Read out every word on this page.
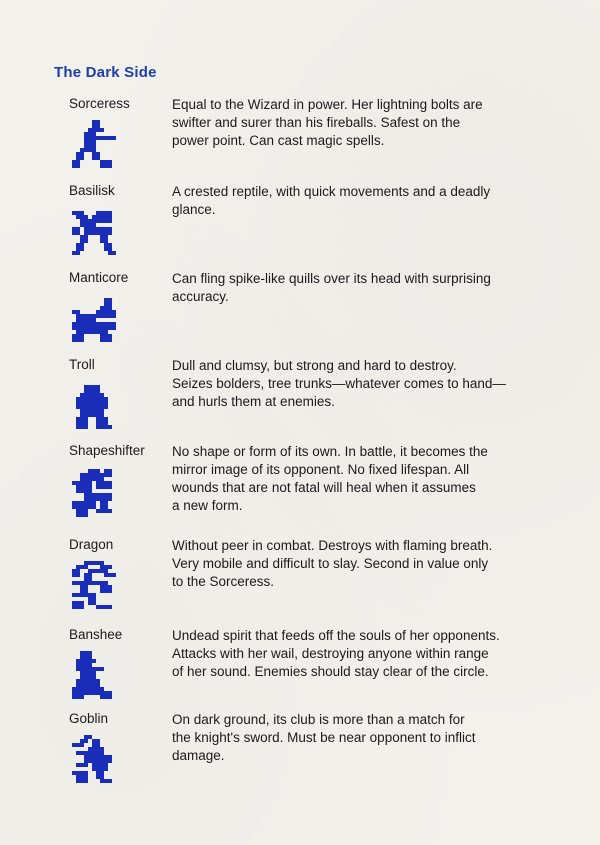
The Dark Side
Sorceress	Equal to the Wizard in power. Her lightning bolts are
swifter and surer than his fireballs. Safest on the
power point. Can cast magic spells.
Basilisk	A crested reptile, with quick movements and a deadly
glance.
Manticore	Can fling spike-like quills over its head with surprising
accuracy.
Troll	Dull and clumsy, but strong and hard to destroy.
Seizes bolders, tree trunks—whatever comes to hand—
and hurls them at enemies.
Shapeshifter No shape or form of its own. In battle, it becomes the
mirror image of its opponent. No fixed lifespan. All
wounds that are not fatal will heal when it assumes
a new form.
Dragon	Without peer in combat. Destroys with flaming breath.
Very mobile and difficult to slay. Second in value only
to the Sorceress.
Banshee	Undead spirit that feeds off the souls of her opponents.
Attacks with her wail, destroying anyone within range
of her sound. Enemies should stay clear of the circle.
Goblin	On dark ground, its club is more than a match for
the knight's sword. Must be near opponent to inflict
damage.
